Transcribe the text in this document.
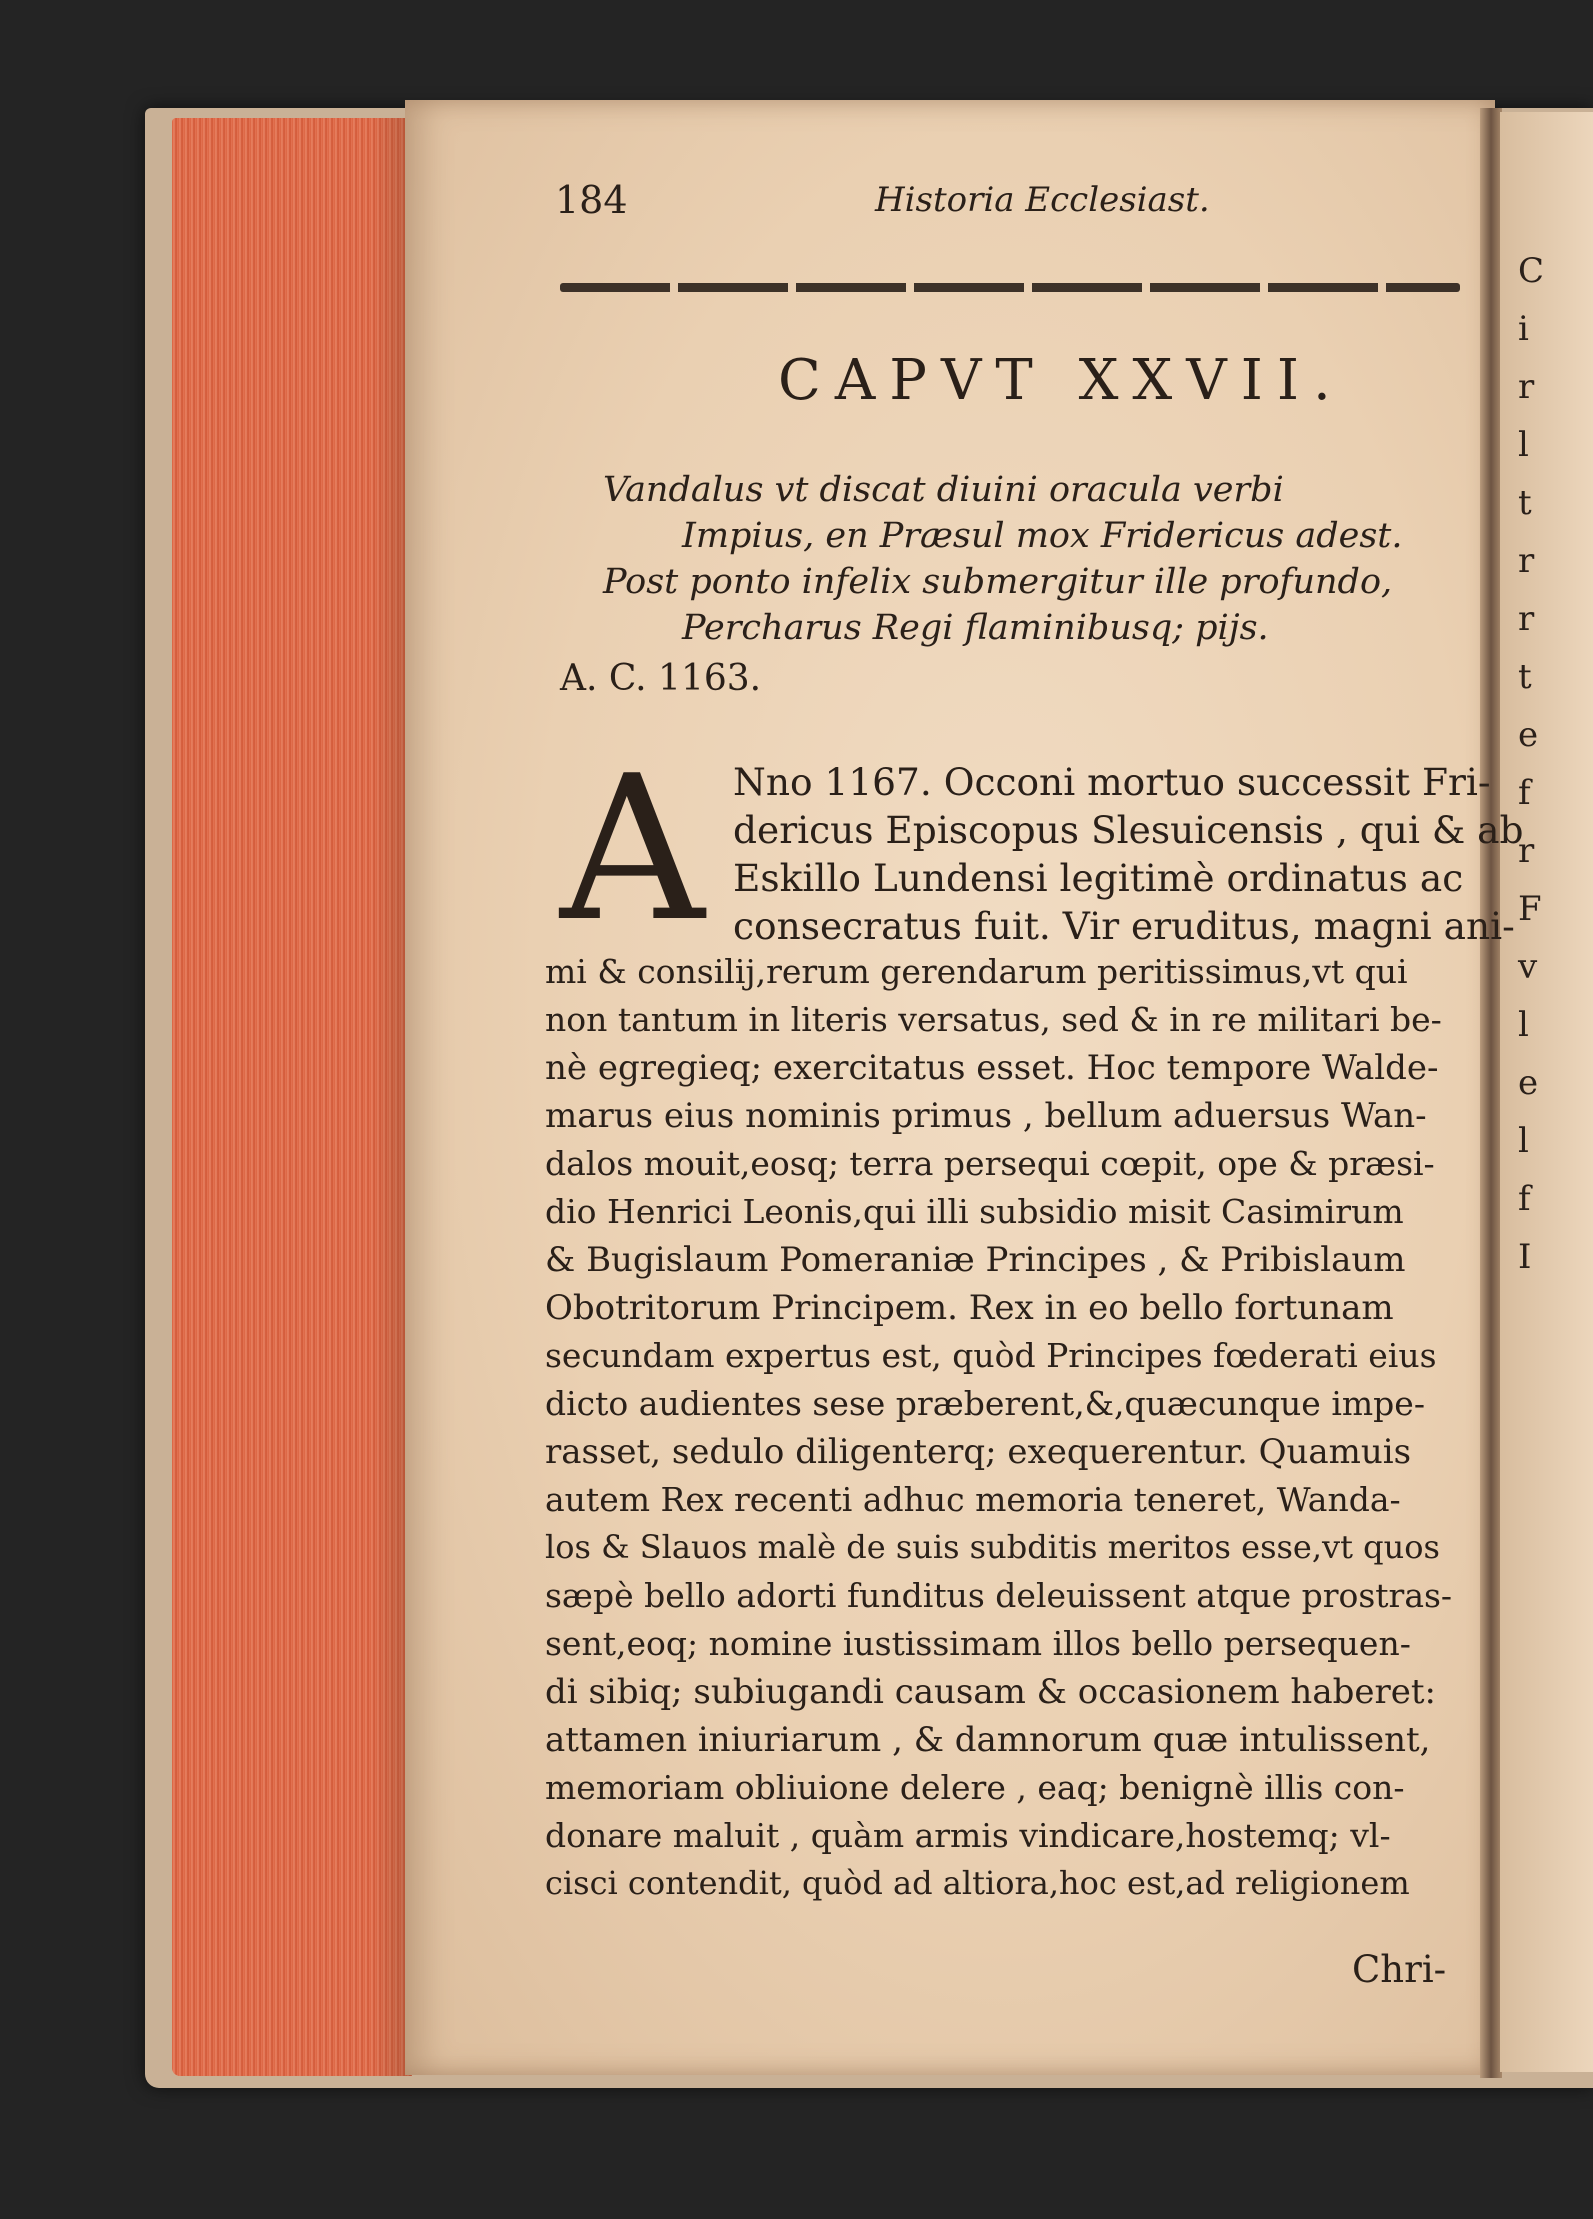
C
i
r
l
t
r
r
t
e
f
r
F
v
l
e
l
f
I
184	Historia Ecclesiast.
CAPVT XXVII.
Vandalus vt discat diuini oracula verbi
Impius, en Præsul mox Fridericus adest.
Post ponto infelix submergitur ille profundo,
Percharus Regi flaminibusq; pijs.
A. C. 1163.
A Nno 1167. Occoni mortuo successit Fri-
dericus Episcopus Slesuicensis , qui & ab
Eskillo Lundensi legitimè ordinatus ac
consecratus fuit. Vir eruditus, magni ani-
mi & consilij,rerum gerendarum peritissimus,vt qui
non tantum in literis versatus, sed & in re militari be-
nè egregieq; exercitatus esset. Hoc tempore Walde-
marus eius nominis primus , bellum aduersus Wan-
dalos mouit,eosq; terra persequi cœpit, ope & præsi-
dio Henrici Leonis,qui illi subsidio misit Casimirum
& Bugislaum Pomeraniæ Principes , & Pribislaum
Obotritorum Principem. Rex in eo bello fortunam
secundam expertus est, quòd Principes fœderati eius
dicto audientes sese præberent,&,quæcunque impe-
rasset, sedulo diligenterq; exequerentur. Quamuis
autem Rex recenti adhuc memoria teneret, Wanda-
los & Slauos malè de suis subditis meritos esse,vt quos
sæpè bello adorti funditus deleuissent atque prostras-
sent,eoq; nomine iustissimam illos bello persequen-
di sibiq; subiugandi causam & occasionem haberet:
attamen iniuriarum , & damnorum quæ intulissent,
memoriam obliuione delere , eaq; benignè illis con-
donare maluit , quàm armis vindicare,hostemq; vl-
cisci contendit, quòd ad altiora,hoc est,ad religionem
Chri-
